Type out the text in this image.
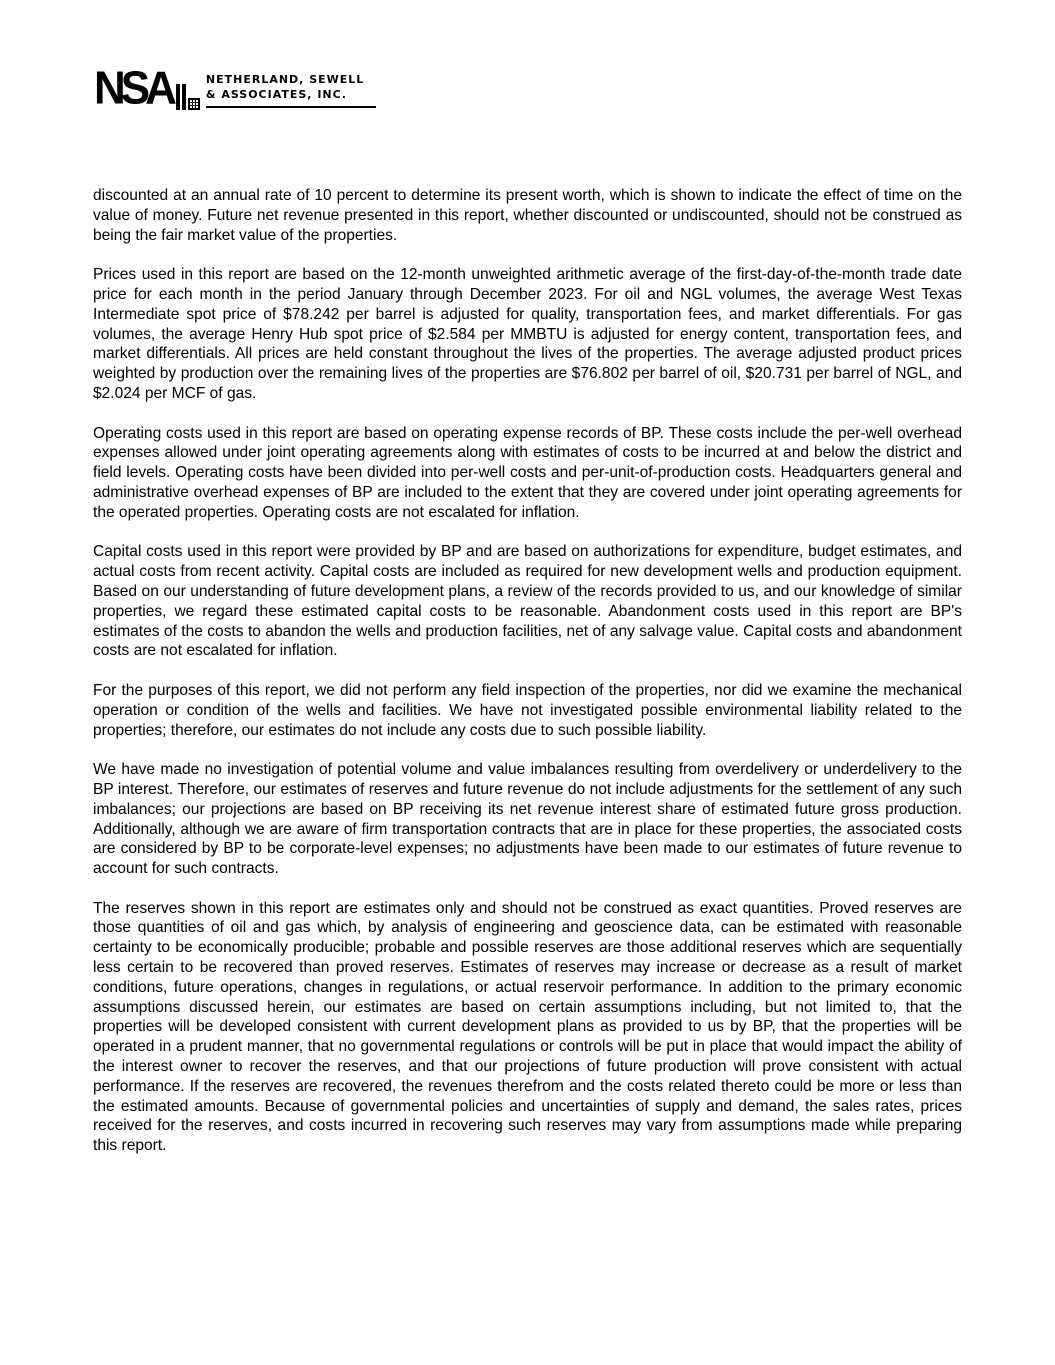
NSA	NETHERLAND, SEWELL
& ASSOCIATES, INC.

discounted at an annual rate of 10 percent to determine its present worth, which is shown to indicate the effect of time on the value of money. Future net revenue presented in this report, whether discounted or undiscounted, should not be construed as being the fair market value of the properties.

Prices used in this report are based on the 12-month unweighted arithmetic average of the first-day-of-the-month trade date price for each month in the period January through December 2023. For oil and NGL volumes, the average West Texas Intermediate spot price of $78.242 per barrel is adjusted for quality, transportation fees, and market differentials. For gas volumes, the average Henry Hub spot price of $2.584 per MMBTU is adjusted for energy content, transportation fees, and market differentials. All prices are held constant throughout the lives of the properties. The average adjusted product prices weighted by production over the remaining lives of the properties are $76.802 per barrel of oil, $20.731 per barrel of NGL, and $2.024 per MCF of gas.

Operating costs used in this report are based on operating expense records of BP. These costs include the per-well overhead expenses allowed under joint operating agreements along with estimates of costs to be incurred at and below the district and field levels. Operating costs have been divided into per-well costs and per-unit-of-production costs. Headquarters general and administrative overhead expenses of BP are included to the extent that they are covered under joint operating agreements for the operated properties. Operating costs are not escalated for inflation.

Capital costs used in this report were provided by BP and are based on authorizations for expenditure, budget estimates, and actual costs from recent activity. Capital costs are included as required for new development wells and production equipment. Based on our understanding of future development plans, a review of the records provided to us, and our knowledge of similar properties, we regard these estimated capital costs to be reasonable. Abandonment costs used in this report are BP's estimates of the costs to abandon the wells and production facilities, net of any salvage value. Capital costs and abandonment costs are not escalated for inflation.

For the purposes of this report, we did not perform any field inspection of the properties, nor did we examine the mechanical operation or condition of the wells and facilities. We have not investigated possible environmental liability related to the properties; therefore, our estimates do not include any costs due to such possible liability.

We have made no investigation of potential volume and value imbalances resulting from overdelivery or underdelivery to the BP interest. Therefore, our estimates of reserves and future revenue do not include adjustments for the settlement of any such imbalances; our projections are based on BP receiving its net revenue interest share of estimated future gross production. Additionally, although we are aware of firm transportation contracts that are in place for these properties, the associated costs are considered by BP to be corporate-level expenses; no adjustments have been made to our estimates of future revenue to account for such contracts.

The reserves shown in this report are estimates only and should not be construed as exact quantities. Proved reserves are those quantities of oil and gas which, by analysis of engineering and geoscience data, can be estimated with reasonable certainty to be economically producible; probable and possible reserves are those additional reserves which are sequentially less certain to be recovered than proved reserves. Estimates of reserves may increase or decrease as a result of market conditions, future operations, changes in regulations, or actual reservoir performance. In addition to the primary economic assumptions discussed herein, our estimates are based on certain assumptions including, but not limited to, that the properties will be developed consistent with current development plans as provided to us by BP, that the properties will be operated in a prudent manner, that no governmental regulations or controls will be put in place that would impact the ability of the interest owner to recover the reserves, and that our projections of future production will prove consistent with actual performance. If the reserves are recovered, the revenues therefrom and the costs related thereto could be more or less than the estimated amounts. Because of governmental policies and uncertainties of supply and demand, the sales rates, prices received for the reserves, and costs incurred in recovering such reserves may vary from assumptions made while preparing this report.
